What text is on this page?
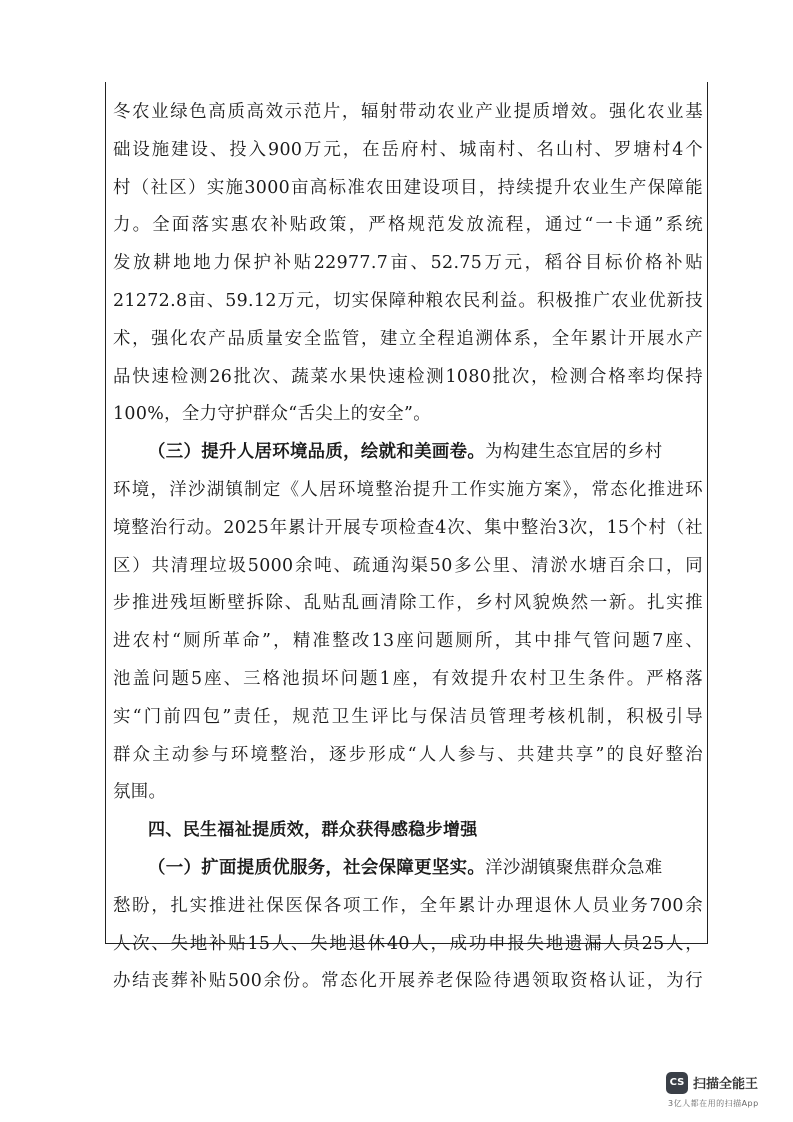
冬农业绿色高质高效示范片，辐射带动农业产业提质增效。强化农业基
础设施建设、投入900万元，在岳府村、城南村、名山村、罗塘村4个
村（社区）实施3000亩高标准农田建设项目，持续提升农业生产保障能
力。全面落实惠农补贴政策，严格规范发放流程，通过“一卡通”系统
发放耕地地力保护补贴22977.7亩、52.75万元，稻谷目标价格补贴
21272.8亩、59.12万元，切实保障种粮农民利益。积极推广农业优新技
术，强化农产品质量安全监管，建立全程追溯体系，全年累计开展水产
品快速检测26批次、蔬菜水果快速检测1080批次，检测合格率均保持
100%，全力守护群众“舌尖上的安全”。
（三）提升人居环境品质，绘就和美画卷。为构建生态宜居的乡村
环境，洋沙湖镇制定《人居环境整治提升工作实施方案》，常态化推进环
境整治行动。2025年累计开展专项检查4次、集中整治3次，15个村（社
区）共清理垃圾5000余吨、疏通沟渠50多公里、清淤水塘百余口，同
步推进残垣断壁拆除、乱贴乱画清除工作，乡村风貌焕然一新。扎实推
进农村“厕所革命”，精准整改13座问题厕所，其中排气管问题7座、
池盖问题5座、三格池损坏问题1座，有效提升农村卫生条件。严格落
实“门前四包”责任，规范卫生评比与保洁员管理考核机制，积极引导
群众主动参与环境整治，逐步形成“人人参与、共建共享”的良好整治
氛围。
四、民生福祉提质效，群众获得感稳步增强
（一）扩面提质优服务，社会保障更坚实。洋沙湖镇聚焦群众急难
愁盼，扎实推进社保医保各项工作，全年累计办理退休人员业务700余
人次、失地补贴15人、失地退休40人，成功申报失地遗漏人员25人，
办结丧葬补贴500余份。常态化开展养老保险待遇领取资格认证，为行
CS 扫描全能王
3亿人都在用的扫描App
